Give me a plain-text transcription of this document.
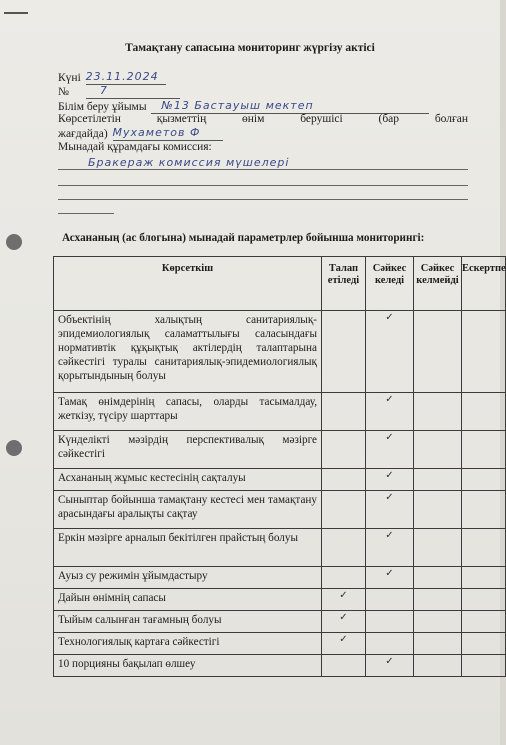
Тамақтану сапасына мониторинг жүргізу актісі
Күні 23.11.2024
№	7
Білім беру ұйымы №13 Бастауыш мектеп
Көрсетілетін қызметтің өнім берушісі (бар болған
жағдайда) Мухаметов Ф
Мынадай құрамдағы комиссия:
Бракераж комиссия мүшелері
Асхананың (ас блогына) мынадай параметрлер бойынша мониторингі:
Көрсеткіш	Талап етіледі	Сәйкес келеді	Сәйкес келмейді	Ескертпе
Объектінің халықтың санитариялық-эпидемиологиялық саламаттылығы саласындағы нормативтік құқықтық актілердің талаптарына сәйкестігі туралы санитариялық-эпидемиологиялық қорытындының болуы		✓		
Тамақ өнімдерінің сапасы, оларды тасымалдау, жеткізу, түсіру шарттары		✓		
Күнделікті мәзірдің перспективалық мәзірге сәйкестігі		✓		
Асхананың жұмыс кестесінің сақталуы		✓		
Сыныптар бойынша тамақтану кестесі мен тамақтану арасындағы аралықты сақтау		✓		
Еркін мәзірге арналып бекітілген прайстың болуы		✓		
Ауыз су режимін ұйымдастыру		✓		
Дайын өнімнің сапасы	✓			
Тыйым салынған тағамның болуы	✓			
Технологиялық картаға сәйкестігі	✓			
10 порцияны бақылап өлшеу		✓		
